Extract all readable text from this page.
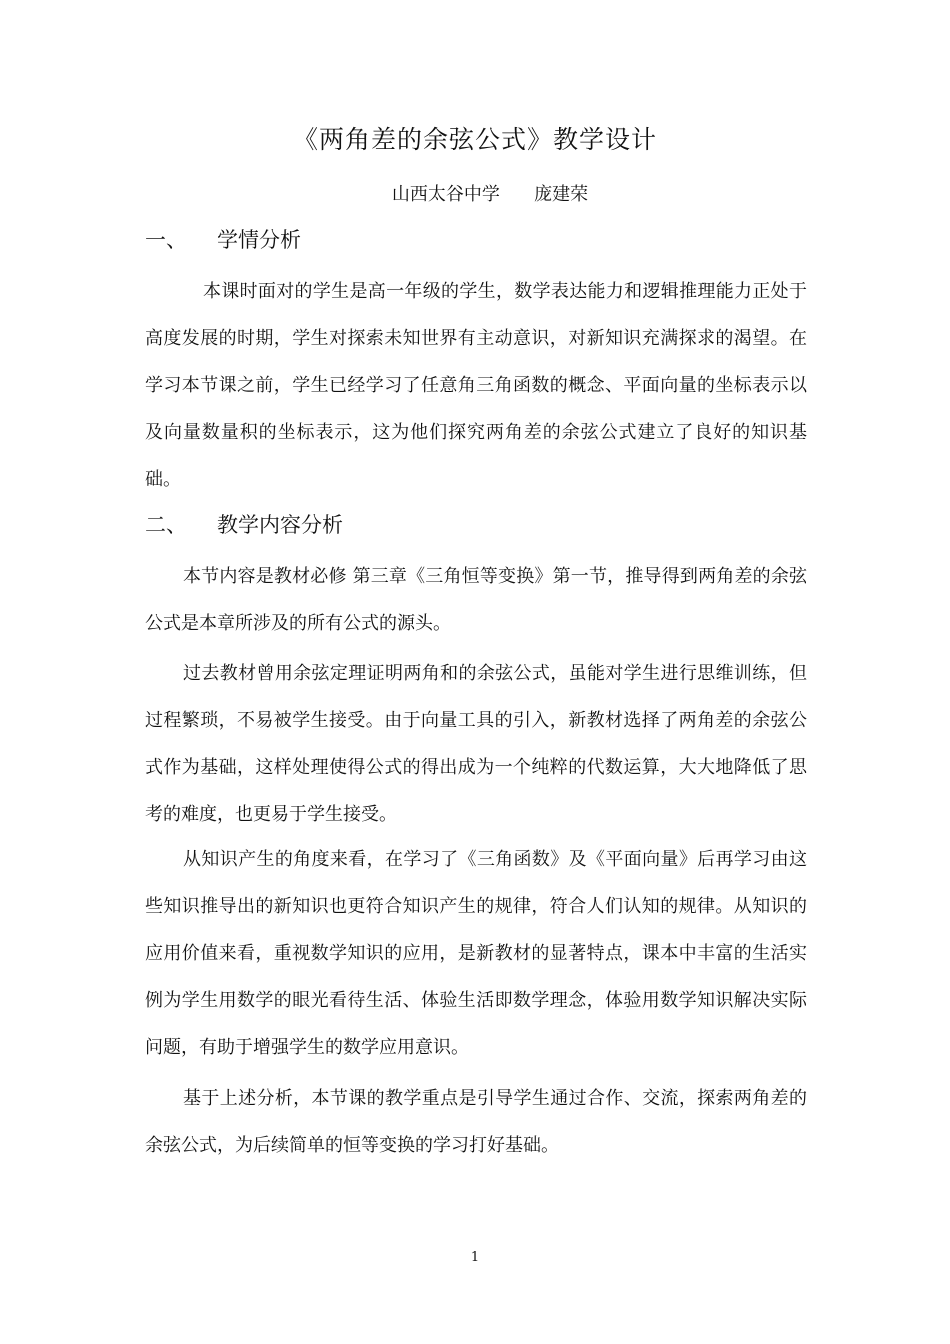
《两角差的余弦公式》教学设计
山西太谷中学      庞建荣
一、 学情分析

本课时面对的学生是高一年级的学生，数学表达能力和逻辑推理能力正处于高度发展的时期，学生对探索未知世界有主动意识，对新知识充满探求的渴望。在学习本节课之前，学生已经学习了任意角三角函数的概念、平面向量的坐标表示以及向量数量积的坐标表示，这为他们探究两角差的余弦公式建立了良好的知识基础。

二、 教学内容分析

本节内容是教材必修 第三章《三角恒等变换》第一节，推导得到两角差的余弦公式是本章所涉及的所有公式的源头。

过去教材曾用余弦定理证明两角和的余弦公式，虽能对学生进行思维训练，但过程繁琐，不易被学生接受。由于向量工具的引入，新教材选择了两角差的余弦公式作为基础，这样处理使得公式的得出成为一个纯粹的代数运算，大大地降低了思考的难度，也更易于学生接受。

从知识产生的角度来看，在学习了《三角函数》及《平面向量》后再学习由这些知识推导出的新知识也更符合知识产生的规律，符合人们认知的规律。从知识的应用价值来看，重视数学知识的应用，是新教材的显著特点，课本中丰富的生活实例为学生用数学的眼光看待生活、体验生活即数学理念，体验用数学知识解决实际问题，有助于增强学生的数学应用意识。

基于上述分析，本节课的教学重点是引导学生通过合作、交流，探索两角差的余弦公式，为后续简单的恒等变换的学习打好基础。

1
